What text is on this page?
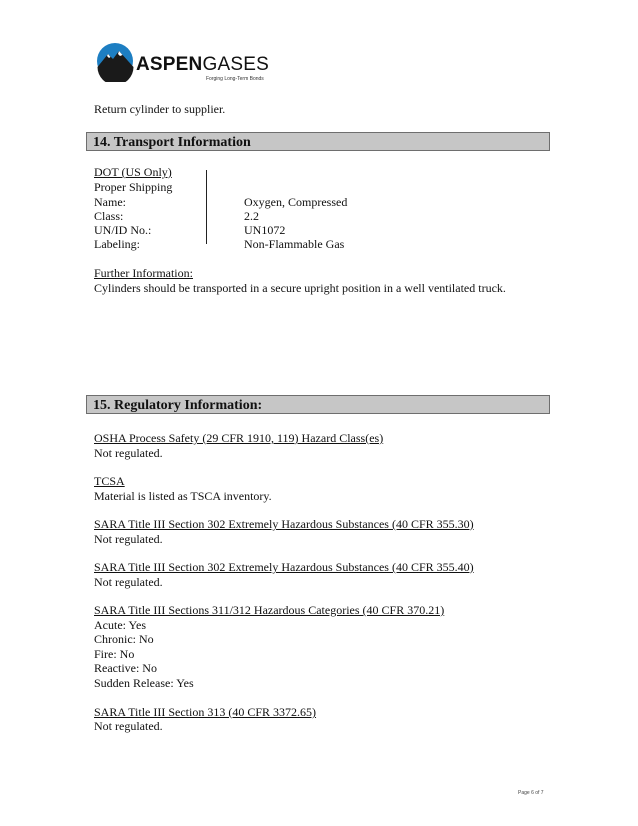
ASPENGASES
Forging Long-Term Bonds
Return cylinder to supplier.
14. Transport Information
DOT (US Only)
Proper Shipping
Name:	Oxygen, Compressed
Class:	2.2
UN/ID No.:	UN1072
Labeling:	Non-Flammable Gas
Further Information:
Cylinders should be transported in a secure upright position in a well ventilated truck.
15. Regulatory Information:
OSHA Process Safety (29 CFR 1910, 119) Hazard Class(es)
Not regulated.
TCSA
Material is listed as TSCA inventory.
SARA Title III Section 302 Extremely Hazardous Substances (40 CFR 355.30)
Not regulated.
SARA Title III Section 302 Extremely Hazardous Substances (40 CFR 355.40)
Not regulated.
SARA Title III Sections 311/312 Hazardous Categories (40 CFR 370.21)
Acute: Yes
Chronic: No
Fire: No
Reactive: No
Sudden Release: Yes
SARA Title III Section 313 (40 CFR 3372.65)
Not regulated.
Page 6 of 7
